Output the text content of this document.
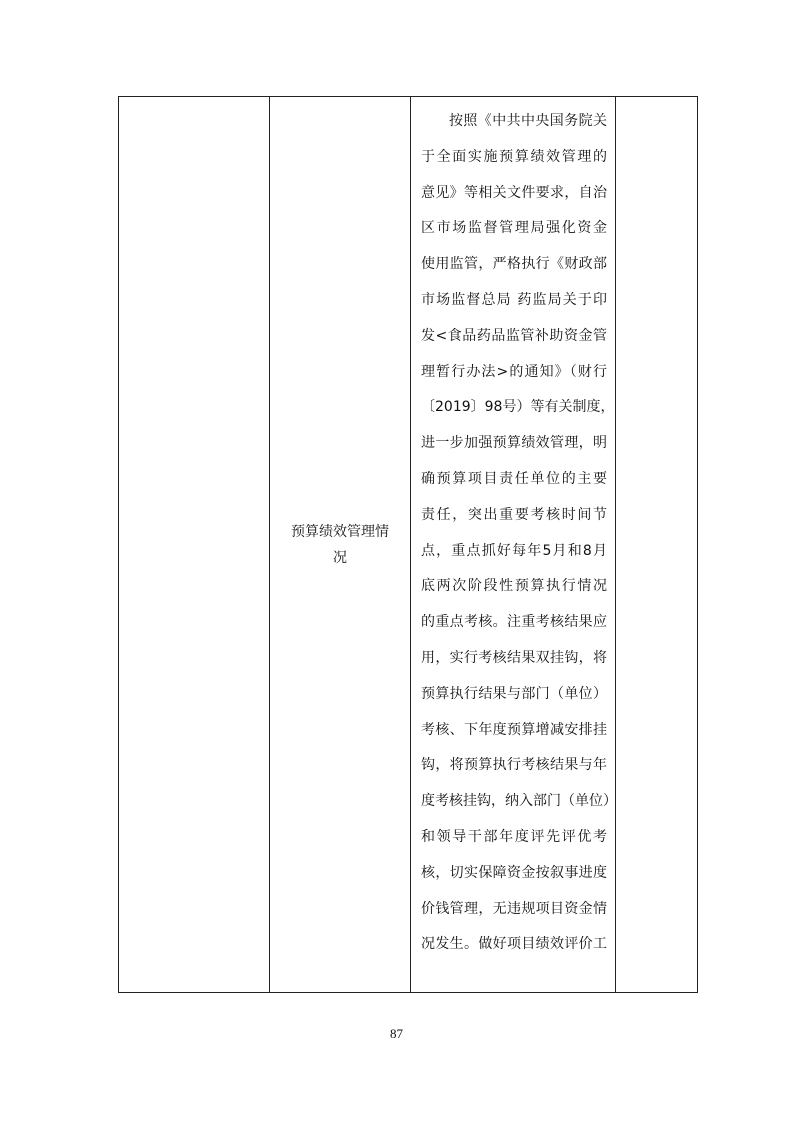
预算绩效管理情
况

按照《中共中央国务院关
于全面实施预算绩效管理的
意见》等相关文件要求，自治
区市场监督管理局强化资金
使用监管，严格执行《财政部
市场监督总局 药监局关于印
发<食品药品监管补助资金管
理暂行办法>的通知》（财行
〔2019〕98号）等有关制度，
进一步加强预算绩效管理，明
确预算项目责任单位的主要
责任，突出重要考核时间节
点，重点抓好每年5月和8月
底两次阶段性预算执行情况
的重点考核。注重考核结果应
用，实行考核结果双挂钩，将
预算执行结果与部门（单位）
考核、下年度预算增减安排挂
钩，将预算执行考核结果与年
度考核挂钩，纳入部门（单位）
和领导干部年度评先评优考
核，切实保障资金按叙事进度
价钱管理，无违规项目资金情
况发生。做好项目绩效评价工

87
